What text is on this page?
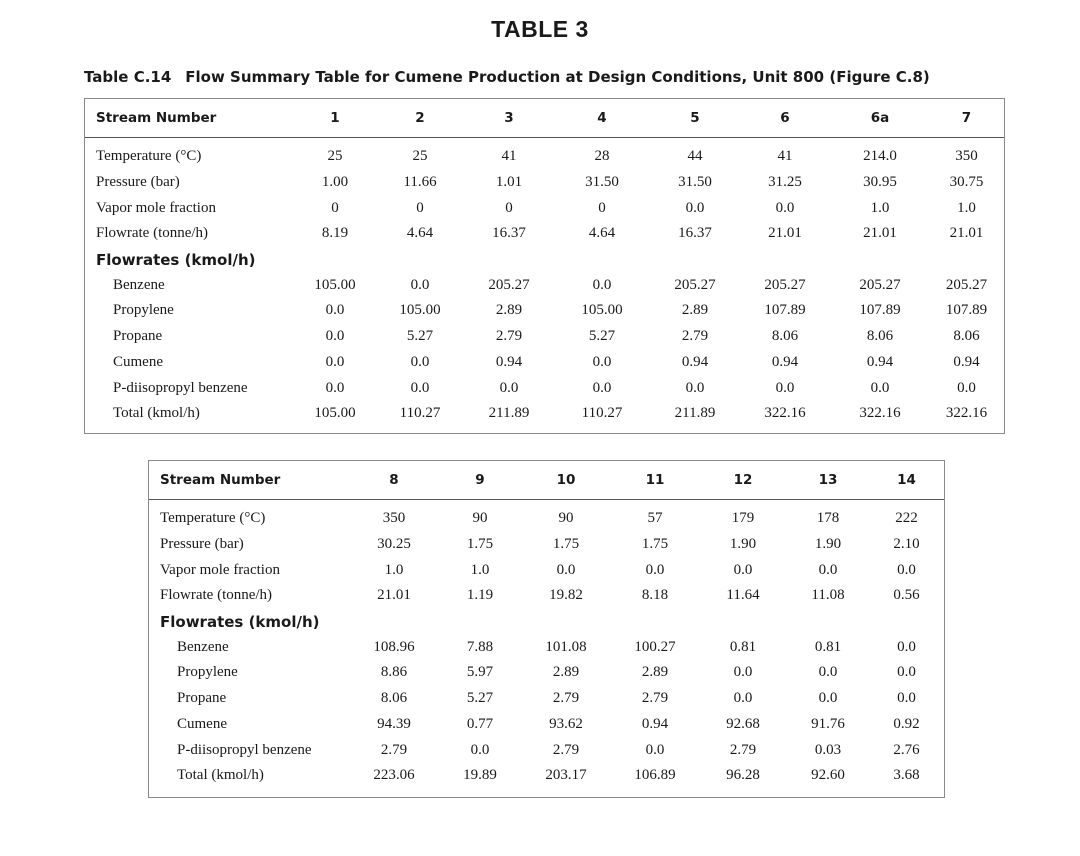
TABLE 3
Table C.14 Flow Summary Table for Cumene Production at Design Conditions, Unit 800 (Figure C.8)
Stream Number	1	2	3	4	5	6	6a	7
Temperature (°C)	25	25	41	28	44	41	214.0	350
Pressure (bar)	1.00	11.66	1.01	31.50	31.50	31.25	30.95	30.75
Vapor mole fraction	0	0	0	0	0.0	0.0	1.0	1.0
Flowrate (tonne/h)	8.19	4.64	16.37	4.64	16.37	21.01	21.01	21.01
Flowrates (kmol/h)								
Benzene	105.00	0.0	205.27	0.0	205.27	205.27	205.27	205.27
Propylene	0.0	105.00	2.89	105.00	2.89	107.89	107.89	107.89
Propane	0.0	5.27	2.79	5.27	2.79	8.06	8.06	8.06
Cumene	0.0	0.0	0.94	0.0	0.94	0.94	0.94	0.94
P-diisopropyl benzene	0.0	0.0	0.0	0.0	0.0	0.0	0.0	0.0
Total (kmol/h)	105.00	110.27	211.89	110.27	211.89	322.16	322.16	322.16
Stream Number	8	9	10	11	12	13	14
Temperature (°C)	350	90	90	57	179	178	222
Pressure (bar)	30.25	1.75	1.75	1.75	1.90	1.90	2.10
Vapor mole fraction	1.0	1.0	0.0	0.0	0.0	0.0	0.0
Flowrate (tonne/h)	21.01	1.19	19.82	8.18	11.64	11.08	0.56
Flowrates (kmol/h)							
Benzene	108.96	7.88	101.08	100.27	0.81	0.81	0.0
Propylene	8.86	5.97	2.89	2.89	0.0	0.0	0.0
Propane	8.06	5.27	2.79	2.79	0.0	0.0	0.0
Cumene	94.39	0.77	93.62	0.94	92.68	91.76	0.92
P-diisopropyl benzene	2.79	0.0	2.79	0.0	2.79	0.03	2.76
Total (kmol/h)	223.06	19.89	203.17	106.89	96.28	92.60	3.68
